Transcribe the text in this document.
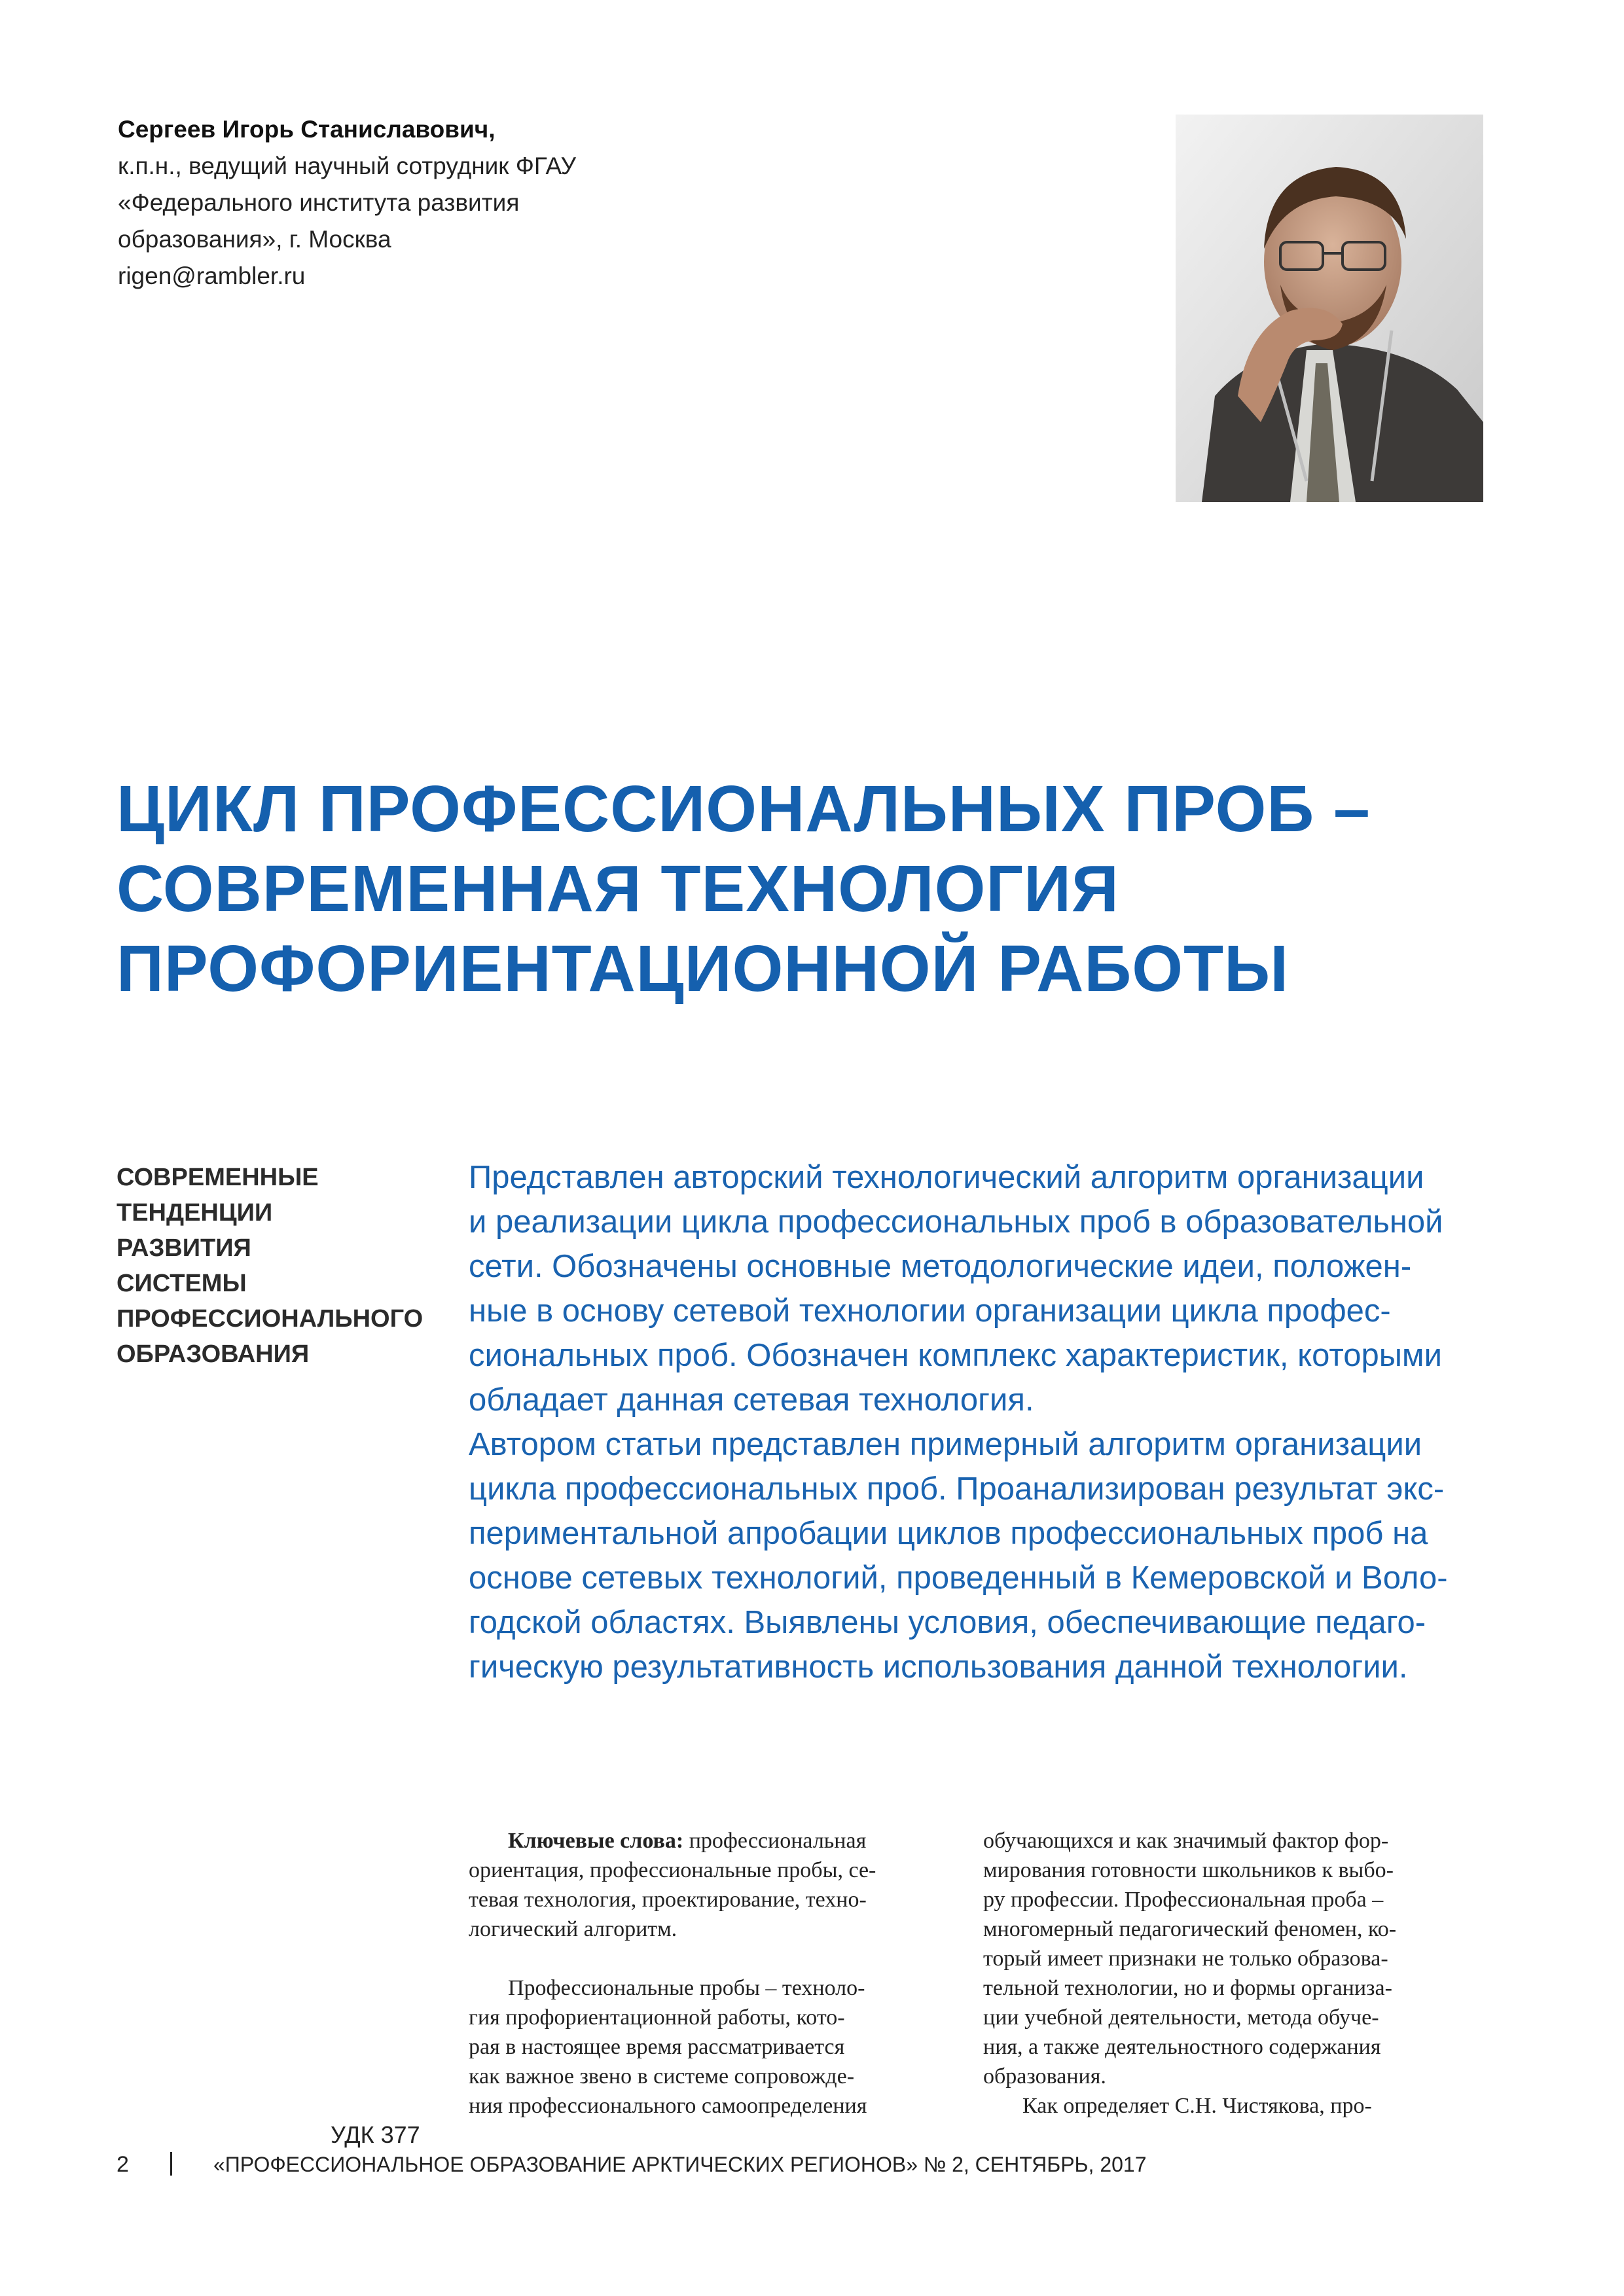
Сергеев Игорь Станиславович,
к.п.н., ведущий научный сотрудник ФГАУ
«Федерального института развития
образования», г. Москва
rigen@rambler.ru
ЦИКЛ ПРОФЕССИОНАЛЬНЫХ ПРОБ –
СОВРЕМЕННАЯ ТЕХНОЛОГИЯ
ПРОФОРИЕНТАЦИОННОЙ РАБОТЫ
СОВРЕМЕННЫЕ
ТЕНДЕНЦИИ
РАЗВИТИЯ
СИСТЕМЫ
ПРОФЕССИОНАЛЬНОГО
ОБРАЗОВАНИЯ
Представлен авторский технологический алгоритм организации
и реализации цикла профессиональных проб в образовательной
сети. Обозначены основные методологические идеи, положен-
ные в основу сетевой технологии организации цикла профес-
сиональных проб. Обозначен комплекс характеристик, которыми
обладает данная сетевая технология.
Автором статьи представлен примерный алгоритм организации
цикла профессиональных проб. Проанализирован результат экс-
периментальной апробации циклов профессиональных проб на
основе сетевых технологий, проведенный в Кемеровской и Воло-
годской областях. Выявлены условия, обеспечивающие педаго-
гическую результативность использования данной технологии.
Ключевые слова: профессиональная
ориентация, профессиональные пробы, се-
тевая технология, проектирование, техно-
логический алгоритм.
Профессиональные пробы – техноло-
гия профориентационной работы, кото-
рая в настоящее время рассматривается
как важное звено в системе сопровожде-
ния профессионального самоопределения
обучающихся и как значимый фактор фор-
мирования готовности школьников к выбо-
ру профессии. Профессиональная проба –
многомерный педагогический феномен, ко-
торый имеет признаки не только образова-
тельной технологии, но и формы организа-
ции учебной деятельности, метода обуче-
ния, а также деятельностного содержания
образования.
Как определяет С.Н. Чистякова, про-
УДК 377
2	«ПРОФЕССИОНАЛЬНОЕ ОБРАЗОВАНИЕ АРКТИЧЕСКИХ РЕГИОНОВ» № 2, СЕНТЯБРЬ, 2017
